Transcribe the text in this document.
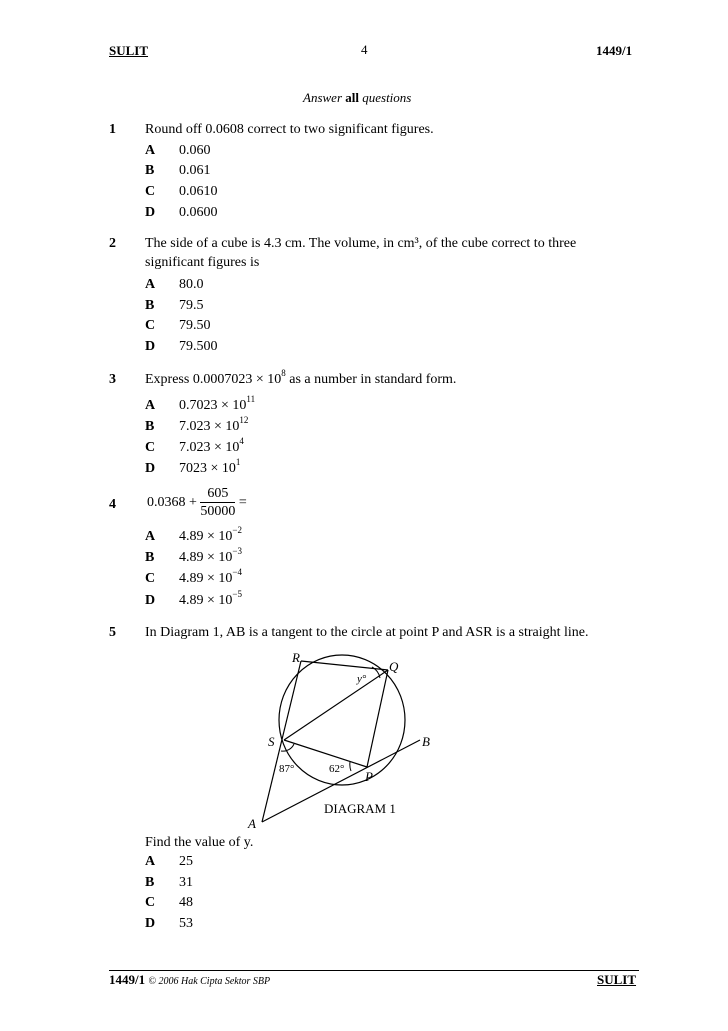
SULIT	4	1449/1
Answer all questions
1 Round off 0.0608 correct to two significant figures.
A 0.060
B 0.061
C 0.0610
D 0.0600
2 The side of a cube is 4.3 cm. The volume, in cm³, of the cube correct to three
significant figures is
A 80.0
B 79.5
C 79.50
D 79.500
3 Express $0.0007023 \times 10^8$ as a number in standard form.
A $0.7023 \times 10^{11}$
B $7.023 \times 10^{12}$
C $7.023 \times 10^4$
D $7023 \times 10^1$
4 $0.0368 + \frac{605}{50000}$ =
A $4.89 \times 10^{-2}$
B $4.89 \times 10^{-3}$
C $4.89 \times 10^{-4}$
D $4.89 \times 10^{-5}$
5 In Diagram 1, AB is a tangent to the circle at point P and ASR is a straight line.
R
Q
S
P
A
B
y°
87°	62°
DIAGRAM 1
Find the value of y.
A 25
B 31
C 48
D 53
1449/1 © 2006 Hak Cipta Sektor SBP	SULIT
